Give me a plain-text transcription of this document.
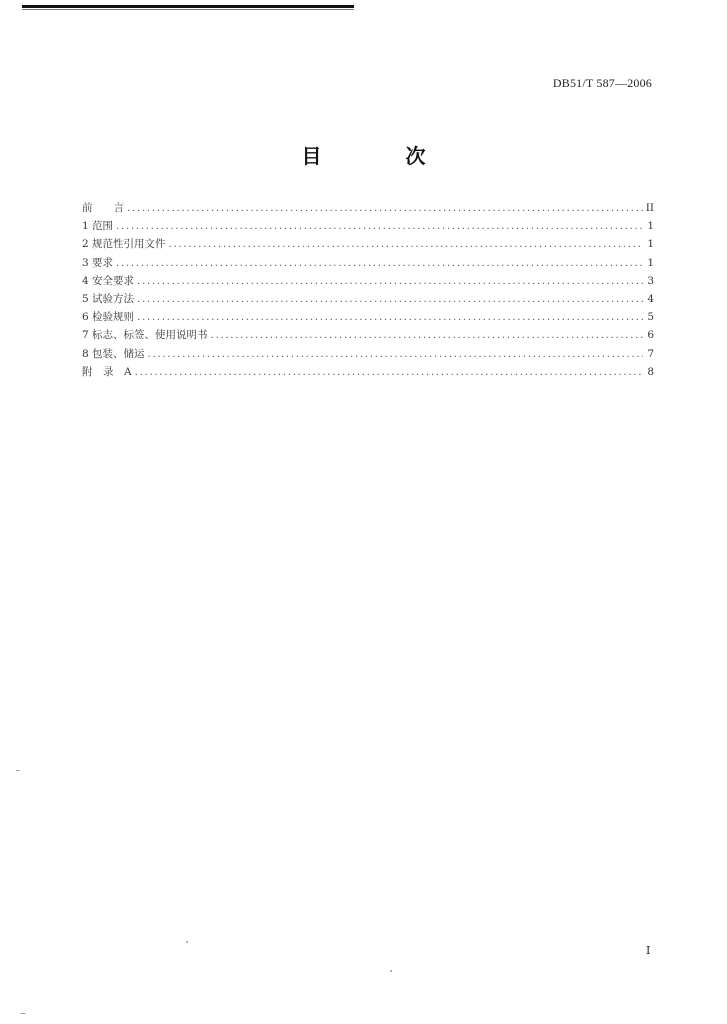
DB51/T 587—2006
目　次
前　　言 .....	II
1 范围 .....	1
2 规范性引用文件 .....	1
3 要求 .....	1
4 安全要求 .....	3
5 试验方法 .....	4
6 检验规则 .....	5
7 标志、标签、使用说明书 .....	6
8 包装、储运 .....	7
附　录　A .....	8
I
